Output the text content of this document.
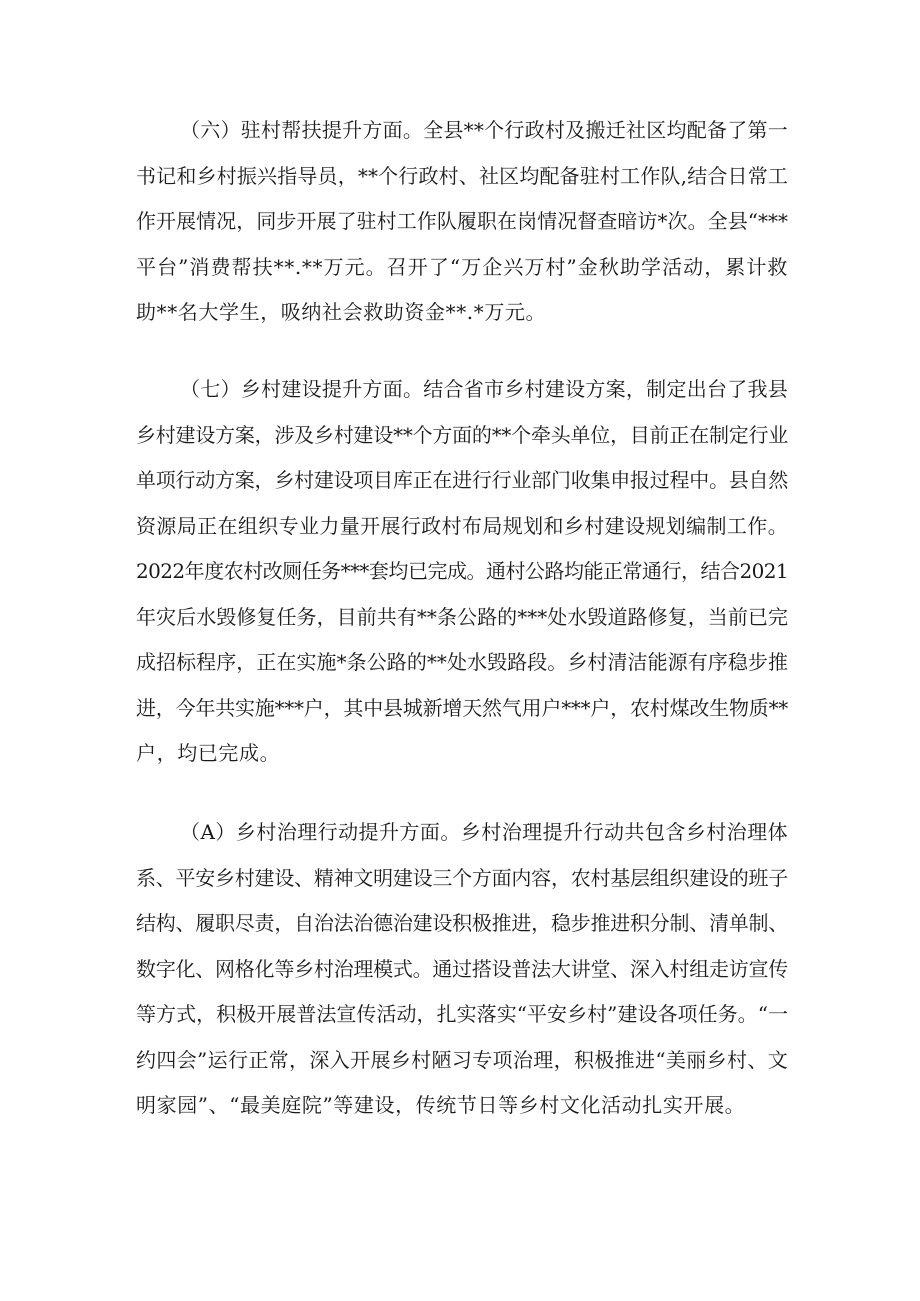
（六）驻村帮扶提升方面。全县**个行政村及搬迁社区均配备了第一
书记和乡村振兴指导员，**个行政村、社区均配备驻村工作队,结合日常工
作开展情况，同步开展了驻村工作队履职在岗情况督查暗访*次。全县“***
平台”消费帮扶**.**万元。召开了“万企兴万村”金秋助学活动，累计救
助**名大学生，吸纳社会救助资金**.*万元。
（七）乡村建设提升方面。结合省市乡村建设方案，制定出台了我县
乡村建设方案，涉及乡村建设**个方面的**个牵头单位，目前正在制定行业
单项行动方案，乡村建设项目库正在进行行业部门收集申报过程中。县自然
资源局正在组织专业力量开展行政村布局规划和乡村建设规划编制工作。
2022年度农村改厕任务***套均已完成。通村公路均能正常通行，结合2021
年灾后水毁修复任务，目前共有**条公路的***处水毁道路修复，当前已完
成招标程序，正在实施*条公路的**处水毁路段。乡村清洁能源有序稳步推
进，今年共实施***户，其中县城新增天然气用户***户，农村煤改生物质**
户，均已完成。
（A）乡村治理行动提升方面。乡村治理提升行动共包含乡村治理体
系、平安乡村建设、精神文明建设三个方面内容，农村基层组织建设的班子
结构、履职尽责，自治法治德治建设积极推进，稳步推进积分制、清单制、
数字化、网格化等乡村治理模式。通过搭设普法大讲堂、深入村组走访宣传
等方式，积极开展普法宣传活动，扎实落实“平安乡村”建设各项任务。“一
约四会”运行正常，深入开展乡村陋习专项治理，积极推进“美丽乡村、文
明家园”、“最美庭院”等建设，传统节日等乡村文化活动扎实开展。
